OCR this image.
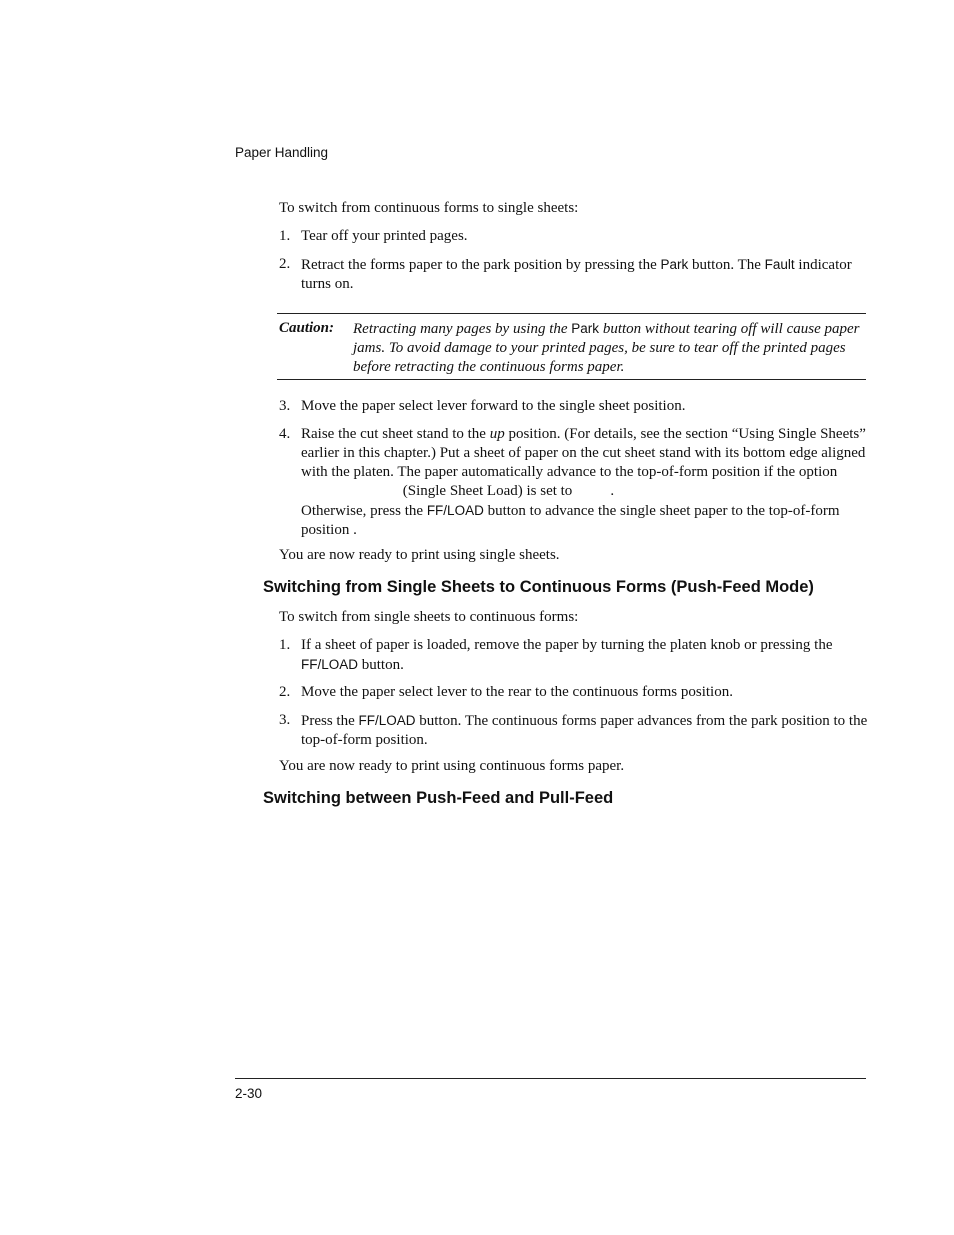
Paper Handling
To switch from continuous forms to single sheets:
1. Tear off your printed pages.
2. Retract the forms paper to the park position by pressing the Park button. The Fault indicator turns on.
Caution: Retracting many pages by using the Park button without tearing off will cause paper jams. To avoid damage to your printed pages, be sure to tear off the printed pages before retracting the continuous forms paper.
3. Move the paper select lever forward to the single sheet position.
4. Raise the cut sheet stand to the up position. (For details, see the section “Using Single Sheets” earlier in this chapter.) Put a sheet of paper on the cut sheet stand with its bottom edge aligned with the platen. The paper automatically advance to the top-of-form position if the option (Single Sheet Load) is set to	.
Otherwise, press the FF/LOAD button to advance the single sheet paper to the top-of-form position .
You are now ready to print using single sheets.
Switching from Single Sheets to Continuous Forms (Push-Feed Mode)
To switch from single sheets to continuous forms:
1. If a sheet of paper is loaded, remove the paper by turning the platen knob or pressing the FF/LOAD button.
2. Move the paper select lever to the rear to the continuous forms position.
3. Press the FF/LOAD button. The continuous forms paper advances from the park position to the top-of-form position.
You are now ready to print using continuous forms paper.
Switching between Push-Feed and Pull-Feed
2-30
